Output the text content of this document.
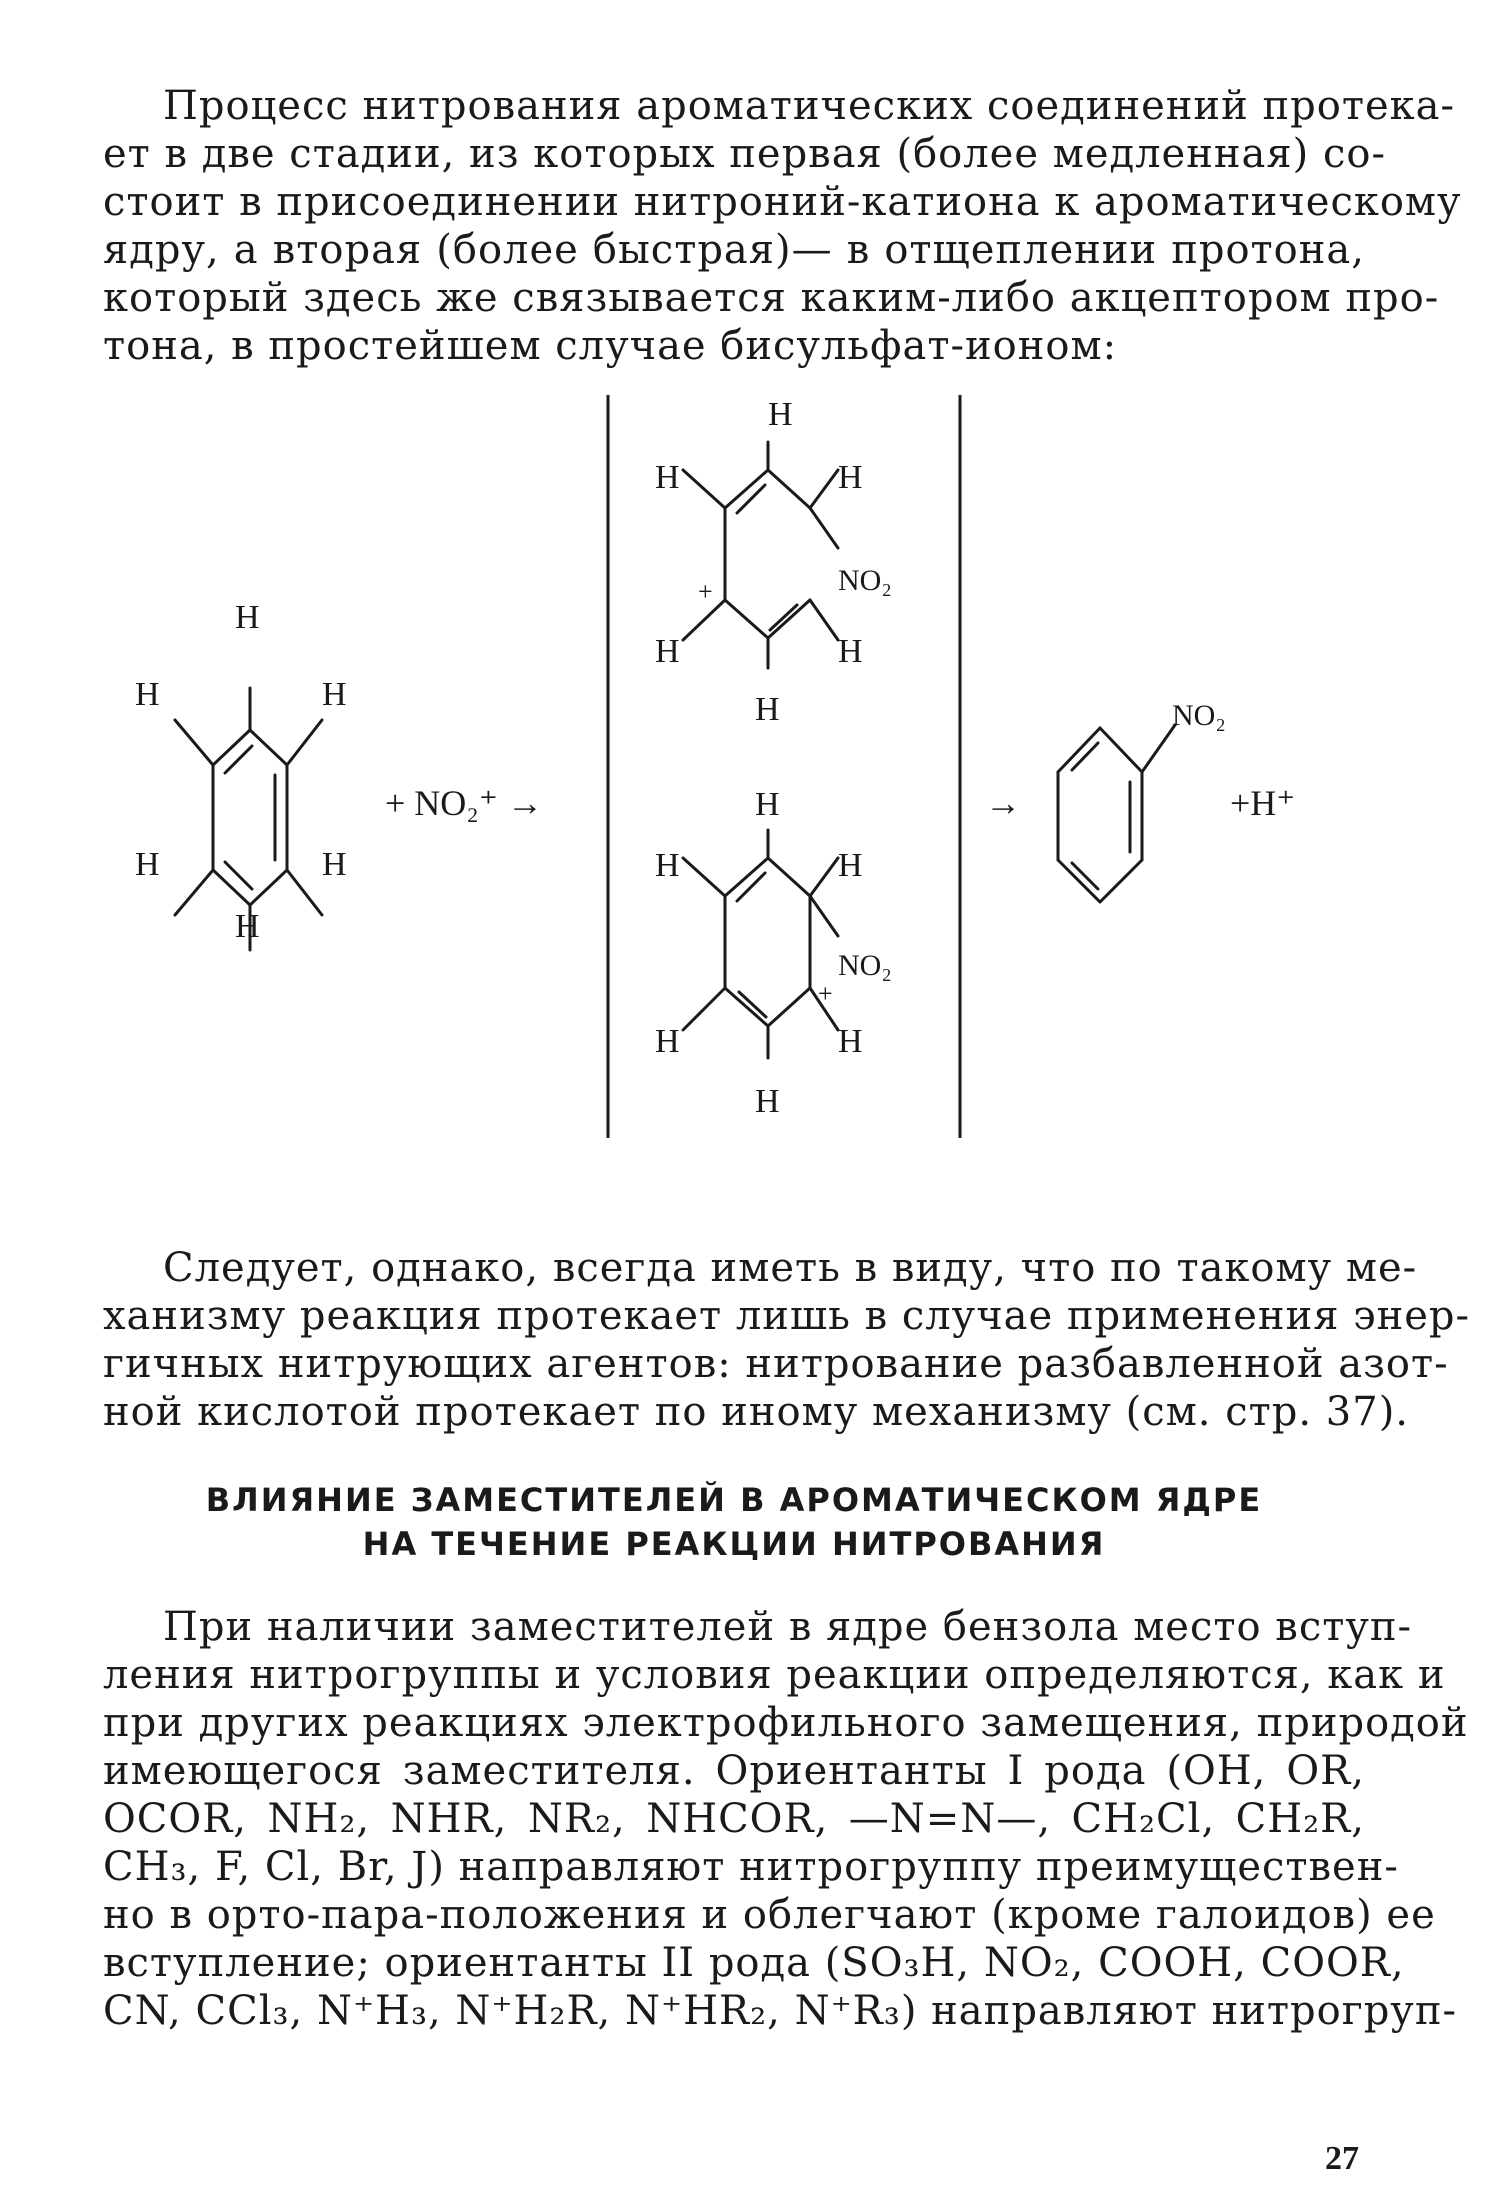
Процесс нитрования ароматических соединений протека-
ет в две стадии, из которых первая (более медленная) со-
стоит в присоединении нитроний-катиона к ароматическому
ядру, а вторая (более быстрая)— в отщеплении протона,
который здесь же связывается каким-либо акцептором про-
тона, в простейшем случае бисульфат-ионом:

H
H	H
H	H
H
+ NO₂⁺ →
H
H	H
NO₂
+
H	H
H
H
H	H
NO₂
+
H	H
H
→
NO₂
+H⁺

Следует, однако, всегда иметь в виду, что по такому ме-
ханизму реакция протекает лишь в случае применения энер-
гичных нитрующих агентов: нитрование разбавленной азот-
ной кислотой протекает по иному механизму (см. стр. 37).

ВЛИЯНИЕ ЗАМЕСТИТЕЛЕЙ В АРОМАТИЧЕСКОМ ЯДРЕ
НА ТЕЧЕНИЕ РЕАКЦИИ НИТРОВАНИЯ

При наличии заместителей в ядре бензола место вступ-
ления нитрогруппы и условия реакции определяются, как и
при других реакциях электрофильного замещения, природой
имеющегося заместителя. Ориентанты I рода (OH, OR,
OCOR, NH₂, NHR, NR₂, NHCOR, —N=N—, CH₂Cl, CH₂R,
CH₃, F, Cl, Br, J) направляют нитрогруппу преимуществен-
но в орто-пара-положения и облегчают (кроме галоидов) ее
вступление; ориентанты II рода (SO₃H, NO₂, COOH, COOR,
CN, CCl₃, N⁺H₃, N⁺H₂R, N⁺HR₂, N⁺R₃) направляют нитрогруп-

27
